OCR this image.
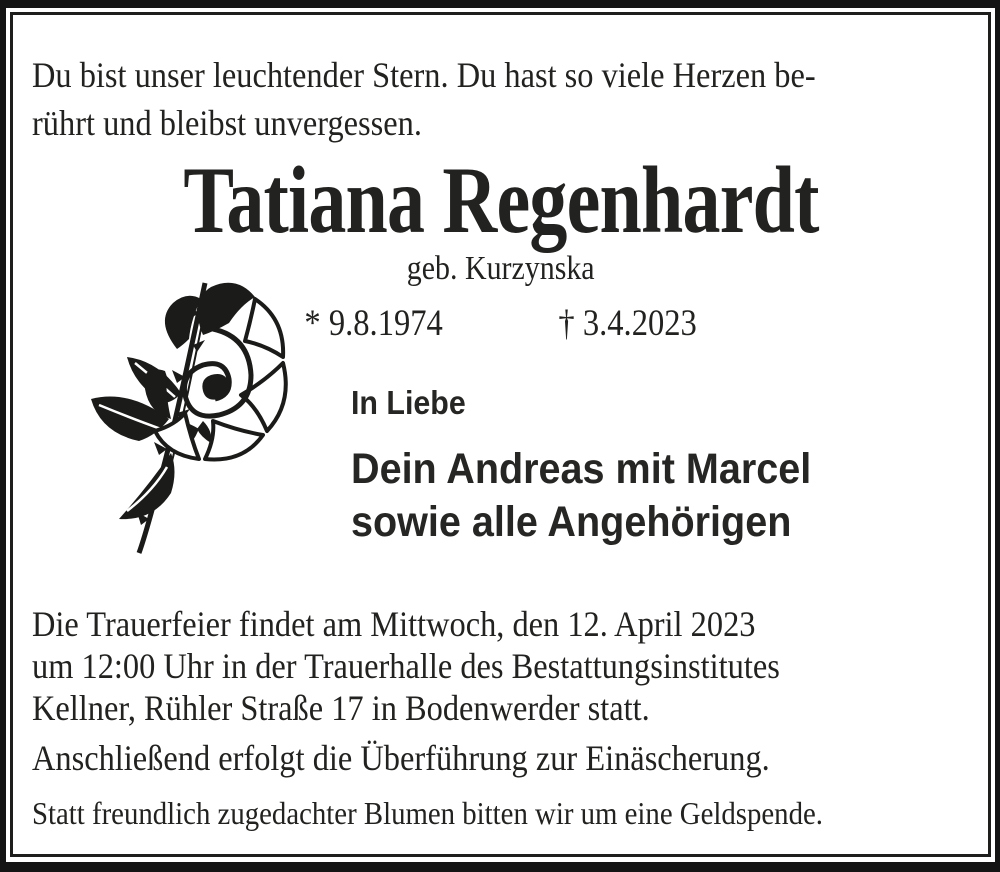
Du bist unser leuchtender Stern. Du hast so viele Herzen be-
rührt und bleibst unvergessen.
Tatiana Regenhardt
geb. Kurzynska
* 9.8.1974	† 3.4.2023
In Liebe
Dein Andreas mit Marcel
sowie alle Angehörigen
Die Trauerfeier findet am Mittwoch, den 12. April 2023
um 12:00 Uhr in der Trauerhalle des Bestattungsinstitutes
Kellner, Rühler Straße 17 in Bodenwerder statt.
Anschließend erfolgt die Überführung zur Einäscherung.
Statt freundlich zugedachter Blumen bitten wir um eine Geldspende.
